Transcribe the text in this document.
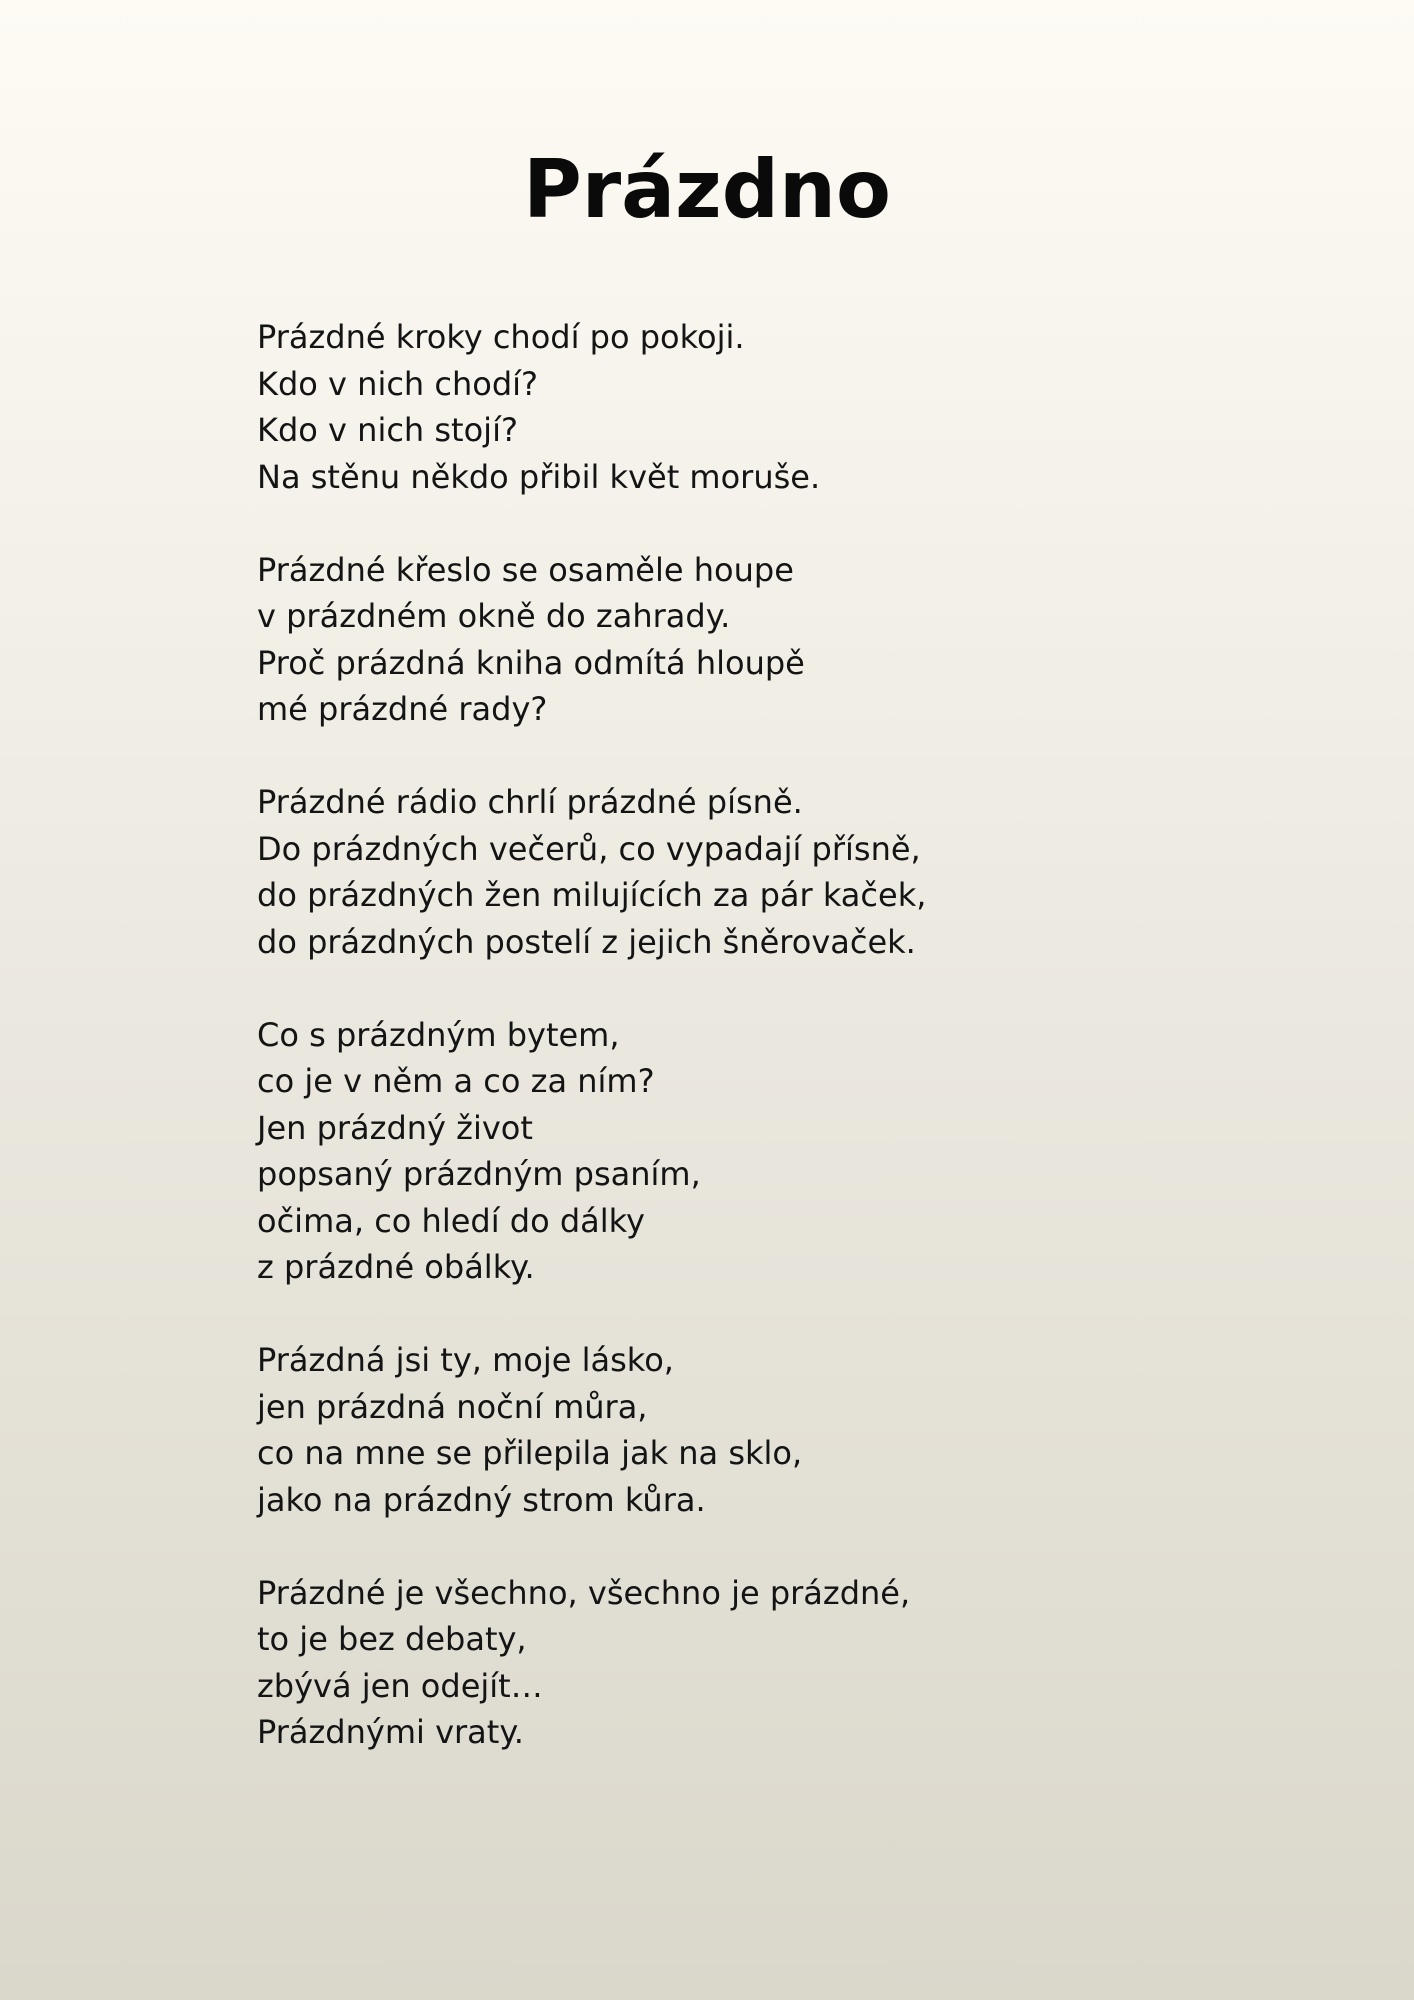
Prázdno
Prázdné kroky chodí po pokoji.
Kdo v nich chodí?
Kdo v nich stojí?
Na stěnu někdo přibil květ moruše.
Prázdné křeslo se osaměle houpe
v prázdném okně do zahrady.
Proč prázdná kniha odmítá hloupě
mé prázdné rady?
Prázdné rádio chrlí prázdné písně.
Do prázdných večerů, co vypadají přísně,
do prázdných žen milujících za pár kaček,
do prázdných postelí z jejich šněrovaček.
Co s prázdným bytem,
co je v něm a co za ním?
Jen prázdný život
popsaný prázdným psaním,
očima, co hledí do dálky
z prázdné obálky.
Prázdná jsi ty, moje lásko,
jen prázdná noční můra,
co na mne se přilepila jak na sklo,
jako na prázdný strom kůra.
Prázdné je všechno, všechno je prázdné,
to je bez debaty,
zbývá jen odejít…
Prázdnými vraty.
